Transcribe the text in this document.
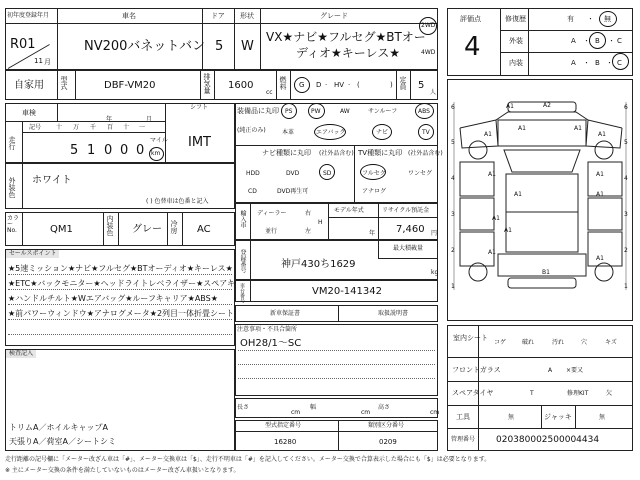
初年度登録年月
R01
11 月
車名
NV200バネットバン
ドア
5
形状
W
グレード
VX★ナビ★フルセグ★BTオー
ディオ★キーレス★
2WD
4WD
自家用 型式	DBF-VM20	排気量 1600
cc
燃料 G D · HV · (	) 定員 5
人
評価点
4
修復歴	有 ・ 無
外装	A ・ B ・ C
内装	A ・ B ・ C
車検
年	月
シフト
IMT
走行
記号 十 万 千 百 十 一
5 1 0 0 0
マイル
km
外装色 ホワイト
( ) 色替車は色番と記入
カラー No.	QM1	内装色 グレー 冷房 AC
セールスポイント
★5速ミッション★ナビ★フルセグ★BTオーディオ★キーレス★
★ETC★バックモニター★ヘッドライトレベライザー★スペアキ
★ハンドルチルト★Wエアバッグ★ルーフキャリア★ABS★
★前パワーウィンドウ★アナログメータ★2列目一体折畳シート
検査記入
トリムA／ホイルキャップA
天張りA／荷室A／シートシミ
装備品に丸印
(純正のみ)
PS	PW	AW	サンルーフ	ABS
本革	エアバック	ナビ	TV
ナビ種類に丸印 (社外品含む)
HDD	DVD	SD
CD	DVD再生可
TV種類に丸印 (社外品含む)
フルセグ	ワンセグ
アナログ
輸入車 ディーラー
並行
右
左
H
モデル年式
年
リサイクル預託金
7,460 円
登録番号	神戸430ち1629
最大積載量
kg
車台番号	VM20-141342
新車保証書	取扱説明書
注意事項・不具合箇所
OH28/1～SC
長さ
cm
幅
cm
高さ
cm
型式指定番号
16280
類別区分番号
0209
6	6
5	5
4	4
3	3
2	2
1	1
A2
A1
A1	A1
A1	A1
A1	A1
A1	A1
A1
A1
A1
A1
B1
室内シート
コゲ	破れ	汚れ	穴	キズ
フロントガラス	A ×要又
スペアタイヤ	T	修理KIT	欠
工具	無	ジャッキ	無
管理番号 020380002500004434
走行距離の記号欄に「メーター改ざん車は「#」、メーター交換車は「$」、走行不明車は「#」を記入してください。メーター交換で合算表示した場合にも「$」は必要となります。
※ 主にメーター交換の条件を満たしていないものはメーター改ざん車扱いとなります。
